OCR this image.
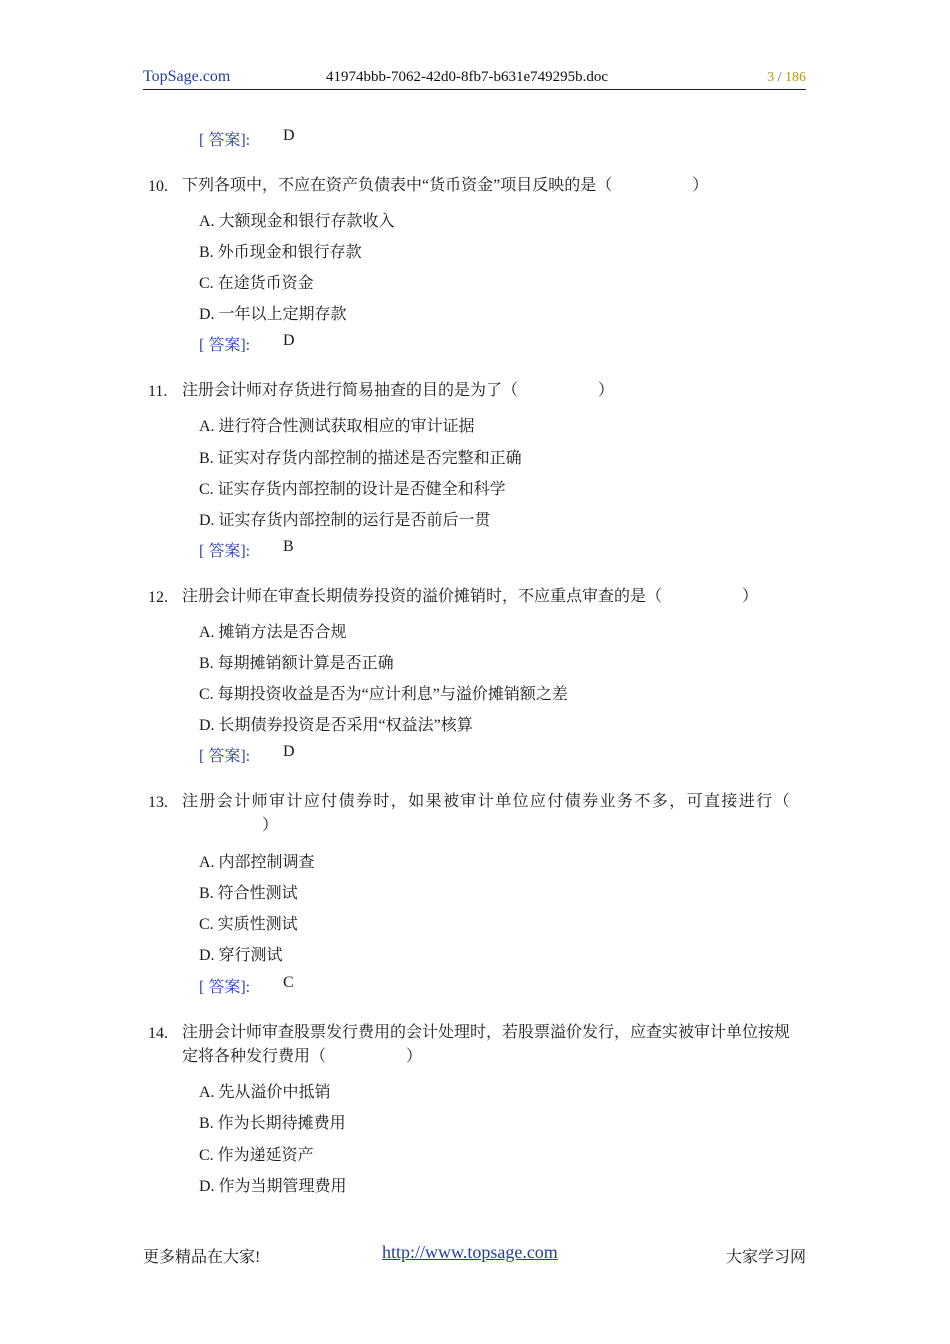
TopSage.com	41974bbb-7062-42d0-8fb7-b631e749295b.doc	3 / 186
[ 答案]: D
10. 下列各项中，不应在资产负债表中“货币资金”项目反映的是（	）
A. 大额现金和银行存款收入
B. 外币现金和银行存款
C. 在途货币资金
D. 一年以上定期存款
[ 答案]: D
11. 注册会计师对存货进行简易抽查的目的是为了（	）
A. 进行符合性测试获取相应的审计证据
B. 证实对存货内部控制的描述是否完整和正确
C. 证实存货内部控制的设计是否健全和科学
D. 证实存货内部控制的运行是否前后一贯
[ 答案]: B
12. 注册会计师在审查长期债券投资的溢价摊销时，不应重点审查的是（	）
A. 摊销方法是否合规
B. 每期摊销额计算是否正确
C. 每期投资收益是否为“应计利息”与溢价摊销额之差
D. 长期债券投资是否采用“权益法”核算
[ 答案]: D
13. 注册会计师审计应付债券时，如果被审计单位应付债券业务不多，可直接进行（）
A. 内部控制调查
B. 符合性测试
C. 实质性测试
D. 穿行测试
[ 答案]: C
14. 注册会计师审查股票发行费用的会计处理时，若股票溢价发行，应查实被审计单位按规定将各种发行费用（	）
A. 先从溢价中抵销
B. 作为长期待摊费用
C. 作为递延资产
D. 作为当期管理费用
更多精品在大家!	http://www.topsage.com	大家学习网
